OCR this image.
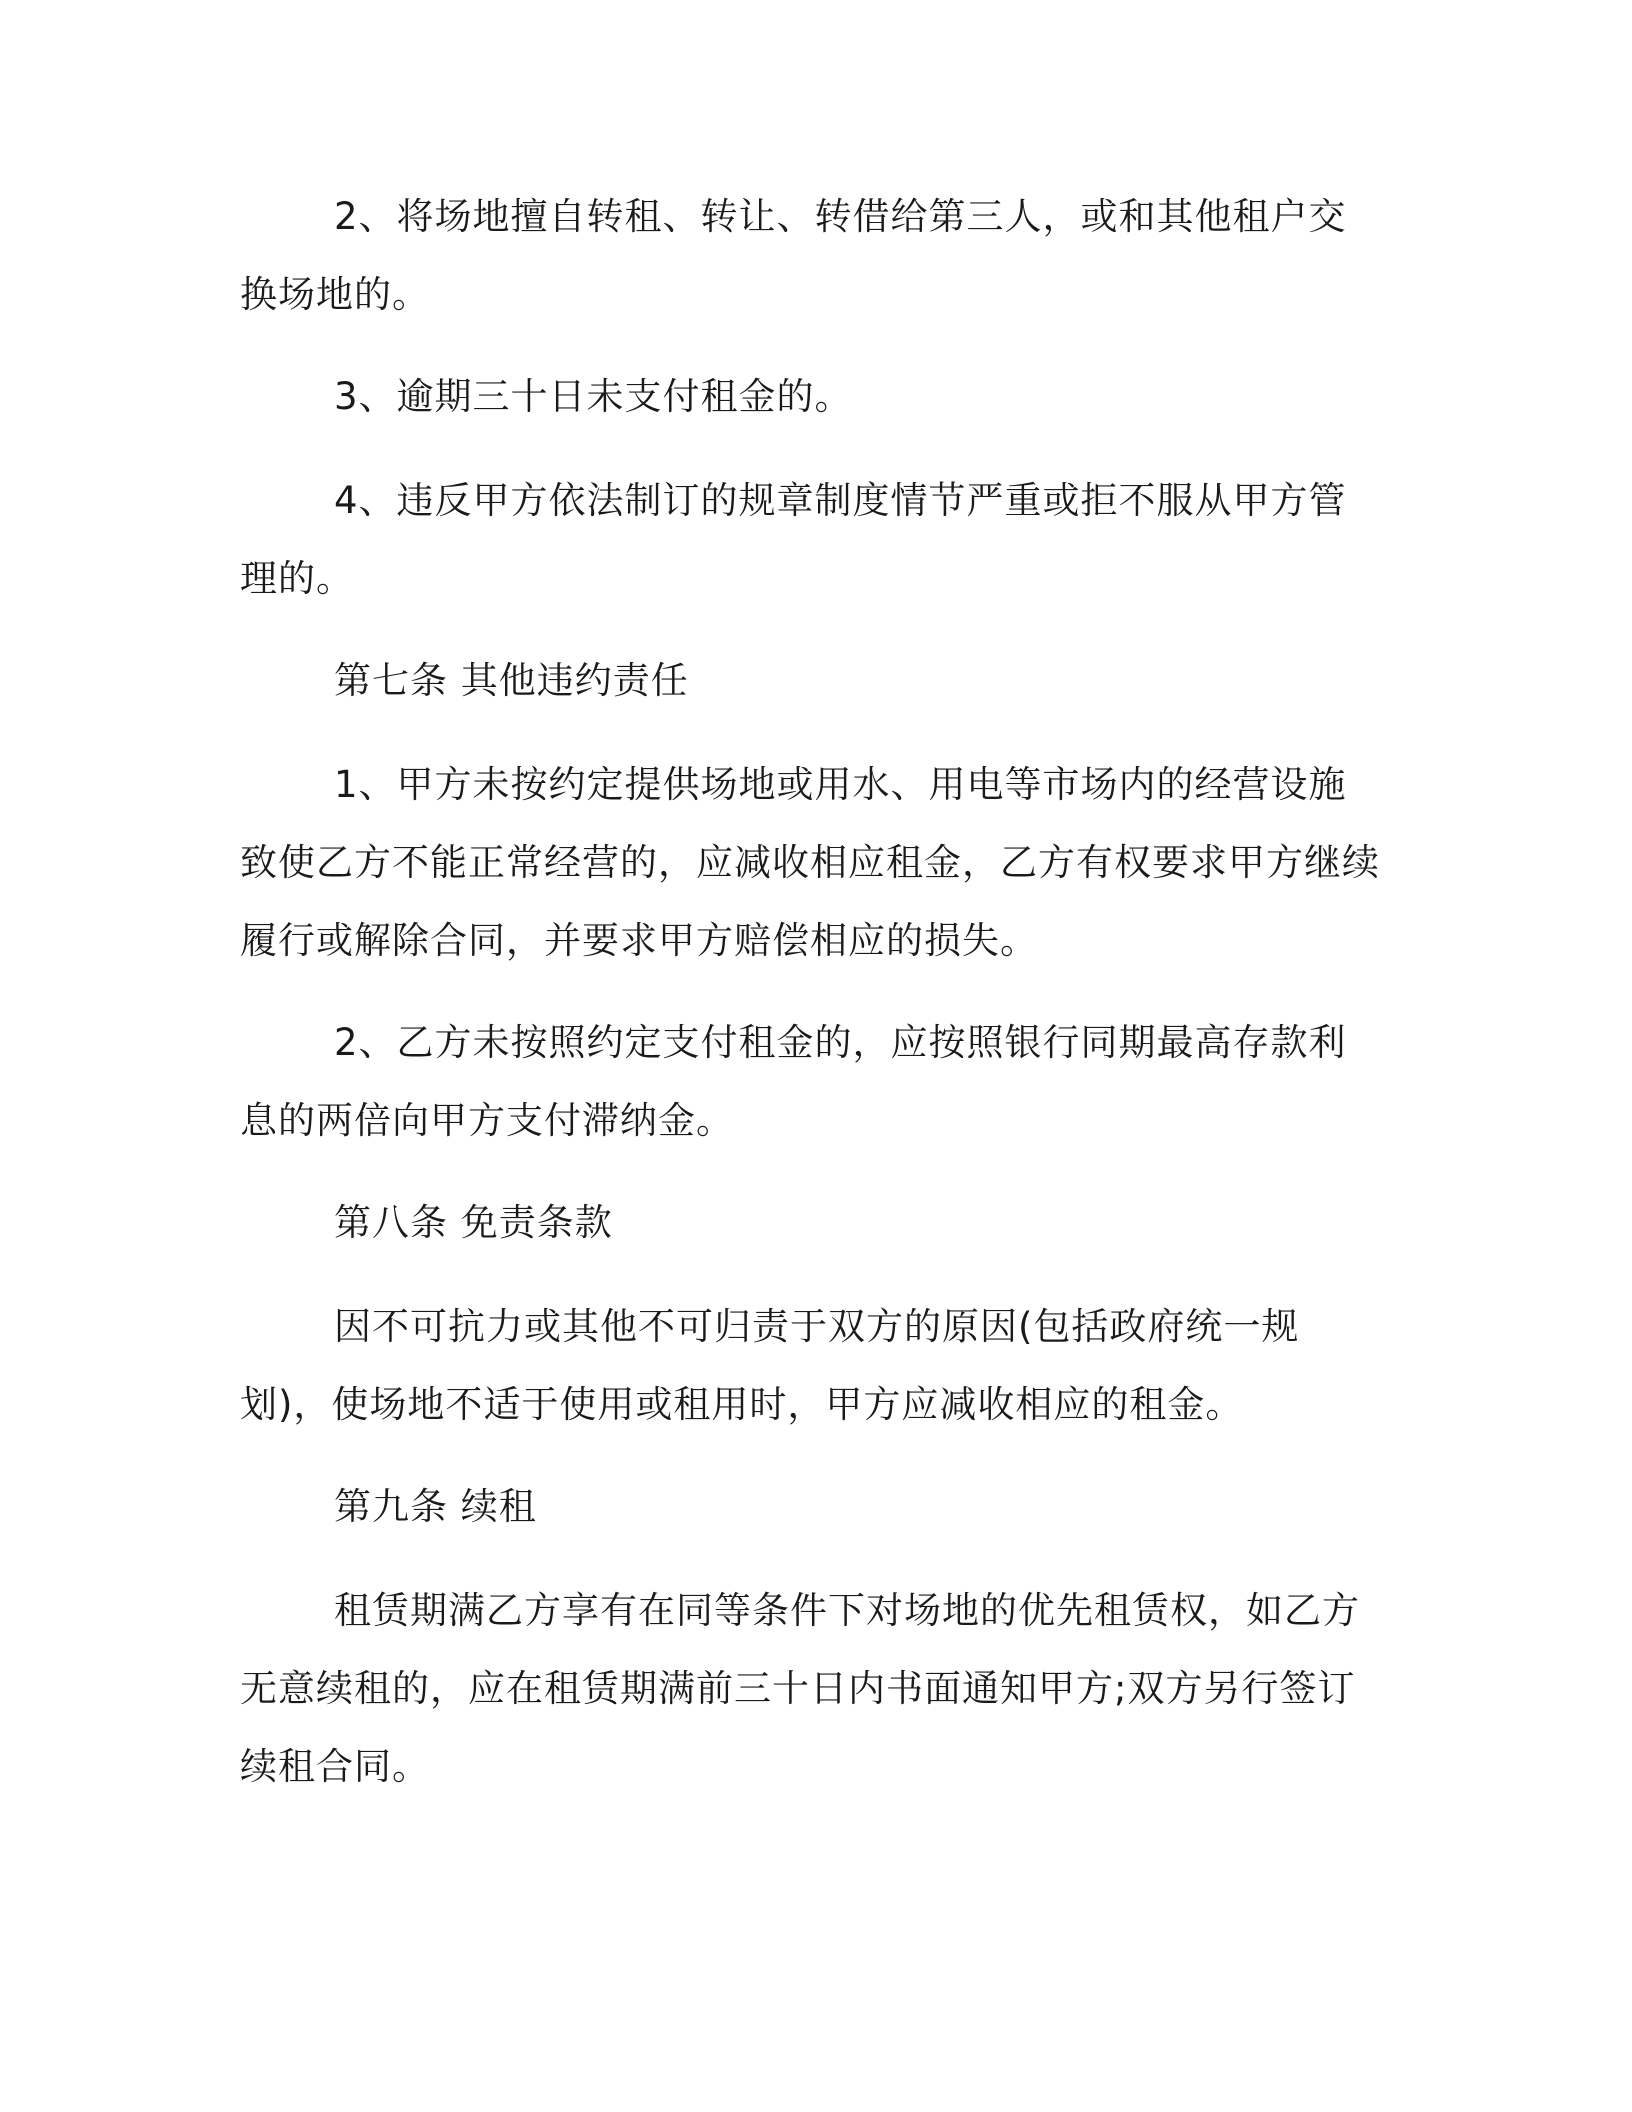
2、将场地擅自转租、转让、转借给第三人，或和其他租户交换场地的。

3、逾期三十日未支付租金的。

4、违反甲方依法制订的规章制度情节严重或拒不服从甲方管理的。

第七条 其他违约责任

1、甲方未按约定提供场地或用水、用电等市场内的经营设施致使乙方不能正常经营的，应减收相应租金，乙方有权要求甲方继续履行或解除合同，并要求甲方赔偿相应的损失。

2、乙方未按照约定支付租金的，应按照银行同期最高存款利息的两倍向甲方支付滞纳金。

第八条 免责条款

因不可抗力或其他不可归责于双方的原因(包括政府统一规划)，使场地不适于使用或租用时，甲方应减收相应的租金。

第九条 续租

租赁期满乙方享有在同等条件下对场地的优先租赁权，如乙方无意续租的，应在租赁期满前三十日内书面通知甲方;双方另行签订续租合同。
